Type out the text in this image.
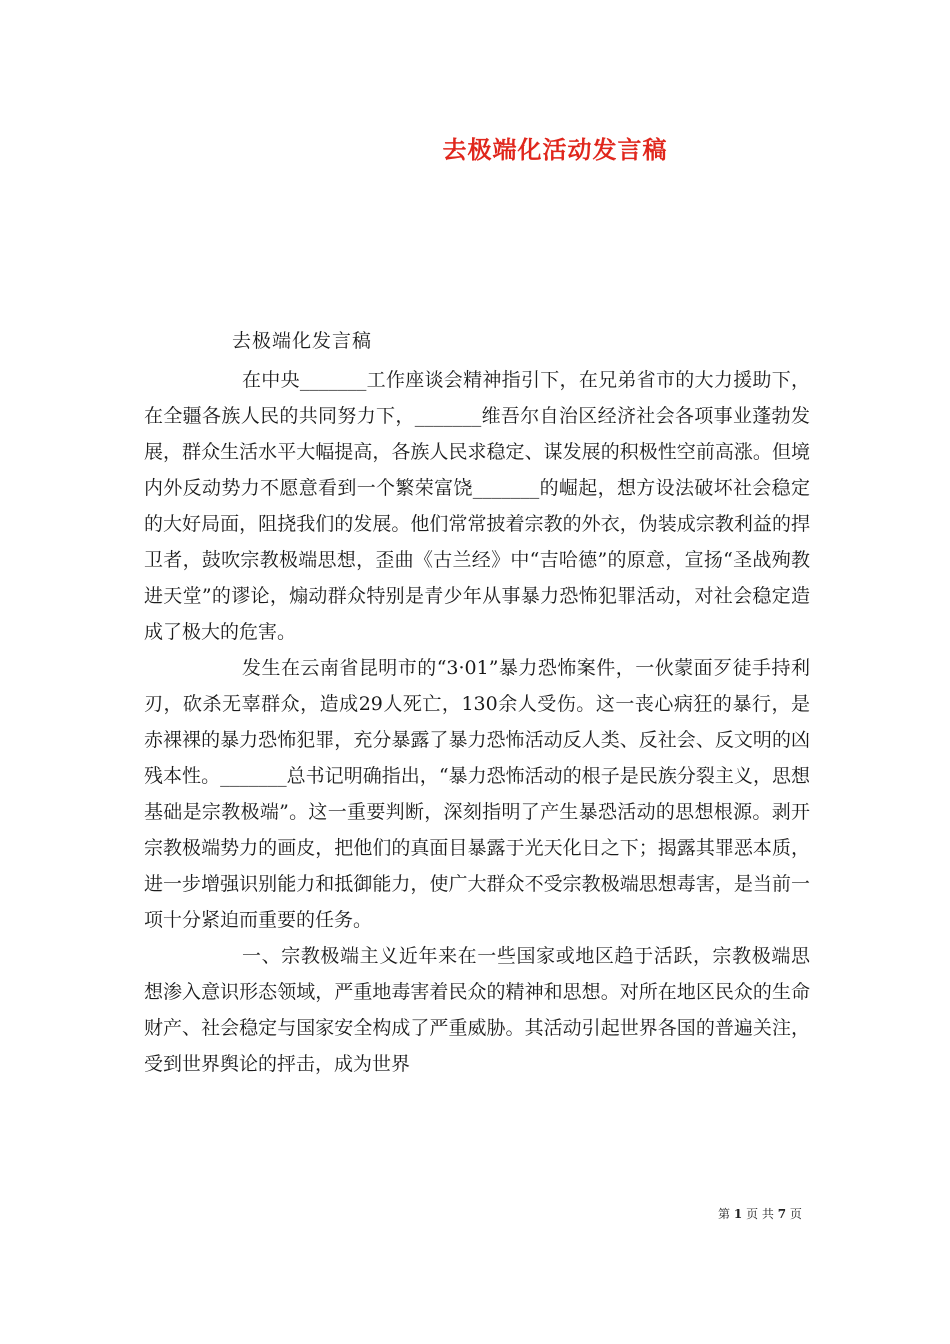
去极端化活动发言稿
去极端化发言稿

在中央_______工作座谈会精神指引下，在兄弟省市的大力援助下，在全疆各族人民的共同努力下，_______维吾尔自治区经济社会各项事业蓬勃发展，群众生活水平大幅提高，各族人民求稳定、谋发展的积极性空前高涨。但境内外反动势力不愿意看到一个繁荣富饶_______的崛起，想方设法破坏社会稳定的大好局面，阻挠我们的发展。他们常常披着宗教的外衣，伪装成宗教利益的捍卫者，鼓吹宗教极端思想，歪曲《古兰经》中“吉哈德”的原意，宣扬“圣战殉教进天堂”的谬论，煽动群众特别是青少年从事暴力恐怖犯罪活动，对社会稳定造成了极大的危害。

发生在云南省昆明市的“3·01”暴力恐怖案件，一伙蒙面歹徒手持利刃，砍杀无辜群众，造成29人死亡，130余人受伤。这一丧心病狂的暴行，是赤裸裸的暴力恐怖犯罪，充分暴露了暴力恐怖活动反人类、反社会、反文明的凶残本性。_______总书记明确指出，“暴力恐怖活动的根子是民族分裂主义，思想基础是宗教极端”。这一重要判断，深刻指明了产生暴恐活动的思想根源。剥开宗教极端势力的画皮，把他们的真面目暴露于光天化日之下；揭露其罪恶本质，进一步增强识别能力和抵御能力，使广大群众不受宗教极端思想毒害，是当前一项十分紧迫而重要的任务。

一、宗教极端主义近年来在一些国家或地区趋于活跃，宗教极端思想渗入意识形态领域，严重地毒害着民众的精神和思想。对所在地区民众的生命财产、社会稳定与国家安全构成了严重威胁。其活动引起世界各国的普遍关注，受到世界舆论的抨击，成为世界

第 1 页 共 7 页
